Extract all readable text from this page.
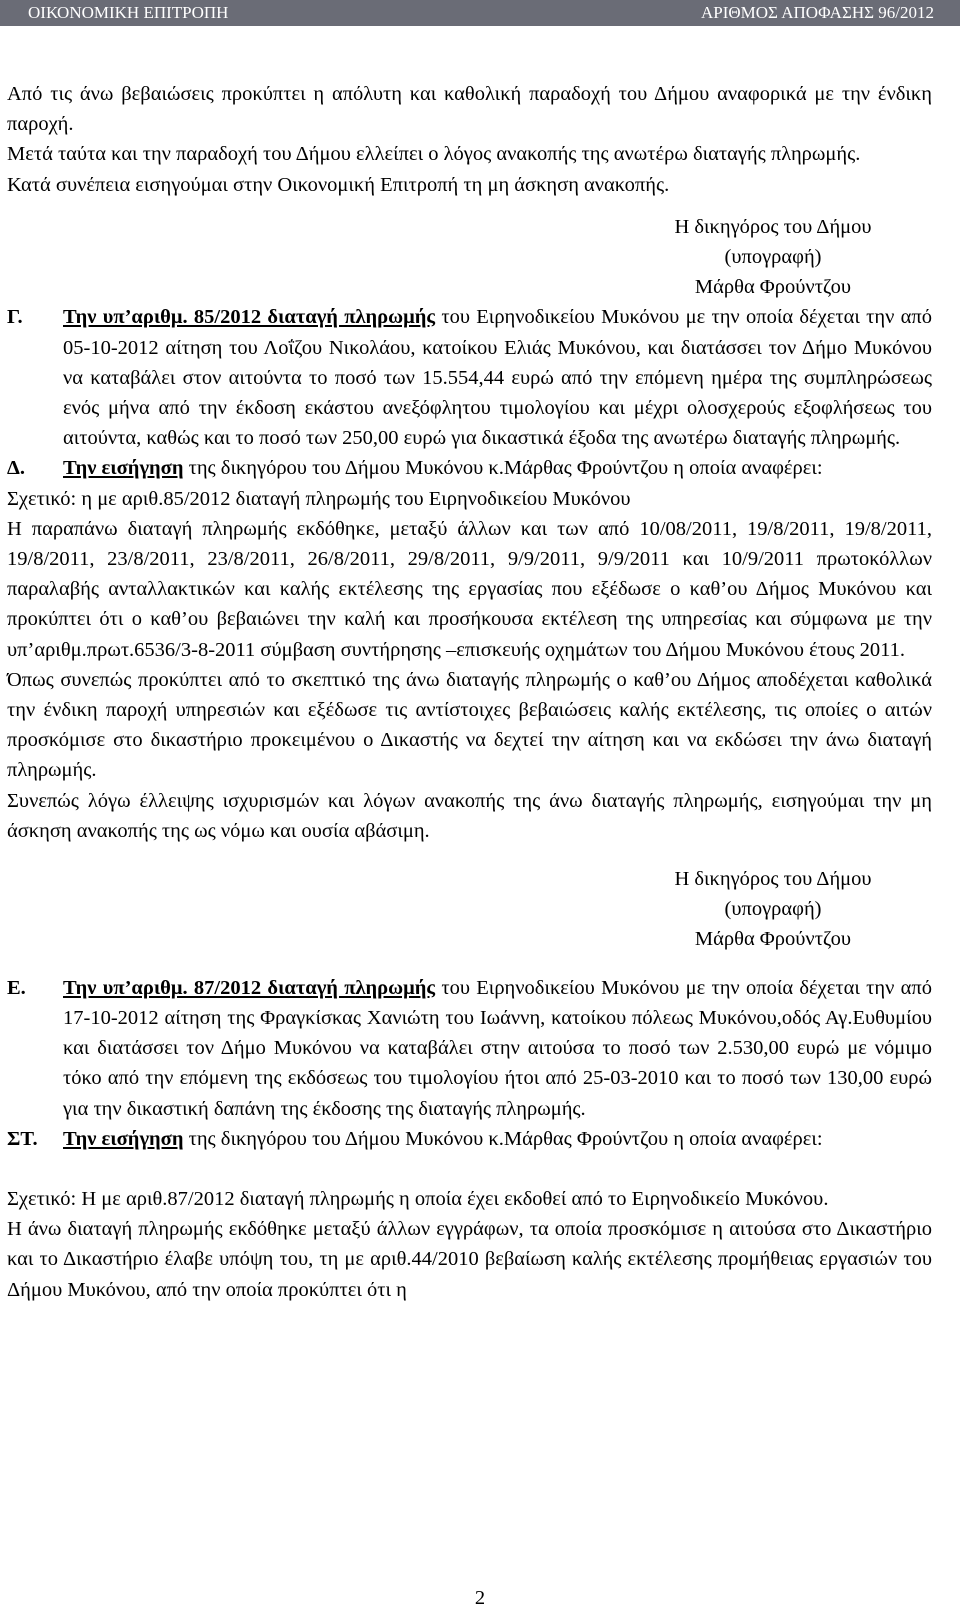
ΟΙΚΟΝΟΜΙΚΗ ΕΠΙΤΡΟΠΗ	ΑΡΙΘΜΟΣ ΑΠΟΦΑΣΗΣ 96/2012

Από τις άνω βεβαιώσεις προκύπτει η απόλυτη και καθολική παραδοχή του Δήμου αναφορικά με την ένδικη παροχή.

Μετά ταύτα και την παραδοχή του Δήμου ελλείπει ο λόγος ανακοπής της ανωτέρω διαταγής πληρωμής.

Κατά συνέπεια εισηγούμαι στην Οικονομική Επιτροπή τη μη άσκηση ανακοπής.

Η δικηγόρος του Δήμου
(υπογραφή)
Μάρθα Φρούντζου
Γ. Την υπ’αριθμ. 85/2012 διαταγή πληρωμής του Ειρηνοδικείου Μυκόνου με την οποία δέχεται την από 05-10-2012 αίτηση του Λοΐζου Νικολάου, κατοίκου Ελιάς Μυκόνου, και διατάσσει τον Δήμο Μυκόνου να καταβάλει στον αιτούντα το ποσό των 15.554,44 ευρώ από την επόμενη ημέρα της συμπληρώσεως ενός μήνα από την έκδοση εκάστου ανεξόφλητου τιμολογίου και μέχρι ολοσχερούς εξοφλήσεως του αιτούντα, καθώς και το ποσό των 250,00 ευρώ για δικαστικά έξοδα της ανωτέρω διαταγής πληρωμής.
Δ. Την εισήγηση της δικηγόρου του Δήμου Μυκόνου κ.Μάρθας Φρούντζου η οποία αναφέρει:

Σχετικό: η με αριθ.85/2012 διαταγή πληρωμής του Ειρηνοδικείου Μυκόνου

Η παραπάνω διαταγή πληρωμής εκδόθηκε, μεταξύ άλλων και των από 10/08/2011, 19/8/2011, 19/8/2011, 19/8/2011, 23/8/2011, 23/8/2011, 26/8/2011, 29/8/2011, 9/9/2011, 9/9/2011 και 10/9/2011 πρωτοκόλλων παραλαβής ανταλλακτικών και καλής εκτέλεσης της εργασίας που εξέδωσε ο καθ’ου Δήμος Μυκόνου και προκύπτει ότι ο καθ’ου βεβαιώνει την καλή και προσήκουσα εκτέλεση της υπηρεσίας και σύμφωνα με την υπ’αριθμ.πρωτ.6536/3-8-2011 σύμβαση συντήρησης –επισκευής οχημάτων του Δήμου Μυκόνου έτους 2011.

Όπως συνεπώς προκύπτει από το σκεπτικό της άνω διαταγής πληρωμής ο καθ’ου Δήμος αποδέχεται καθολικά την ένδικη παροχή υπηρεσιών και εξέδωσε τις αντίστοιχες βεβαιώσεις καλής εκτέλεσης, τις οποίες ο αιτών προσκόμισε στο δικαστήριο προκειμένου ο Δικαστής να δεχτεί την αίτηση και να εκδώσει την άνω διαταγή πληρωμής.

Συνεπώς λόγω έλλειψης ισχυρισμών και λόγων ανακοπής της άνω διαταγής πληρωμής, εισηγούμαι την μη άσκηση ανακοπής της ως νόμω και ουσία αβάσιμη.

Η δικηγόρος του Δήμου
(υπογραφή)
Μάρθα Φρούντζου
Ε. Την υπ’αριθμ. 87/2012 διαταγή πληρωμής του Ειρηνοδικείου Μυκόνου με την οποία δέχεται την από 17-10-2012 αίτηση της Φραγκίσκας Χανιώτη του Ιωάννη, κατοίκου πόλεως Μυκόνου,οδός Αγ.Ευθυμίου και διατάσσει τον Δήμο Μυκόνου να καταβάλει στην αιτούσα το ποσό των 2.530,00 ευρώ με νόμιμο τόκο από την επόμενη της εκδόσεως του τιμολογίου ήτοι από 25-03-2010 και το ποσό των 130,00 ευρώ για την δικαστική δαπάνη της έκδοσης της διαταγής πληρωμής.
ΣΤ. Την εισήγηση της δικηγόρου του Δήμου Μυκόνου κ.Μάρθας Φρούντζου η οποία αναφέρει:

Σχετικό: Η με αριθ.87/2012 διαταγή πληρωμής η οποία έχει εκδοθεί από το Ειρηνοδικείο Μυκόνου.

Η άνω διαταγή πληρωμής εκδόθηκε μεταξύ άλλων εγγράφων, τα οποία προσκόμισε η αιτούσα στο Δικαστήριο και το Δικαστήριο έλαβε υπόψη του, τη με αριθ.44/2010 βεβαίωση καλής εκτέλεσης προμήθειας εργασιών του Δήμου Μυκόνου, από την οποία προκύπτει ότι η

2
